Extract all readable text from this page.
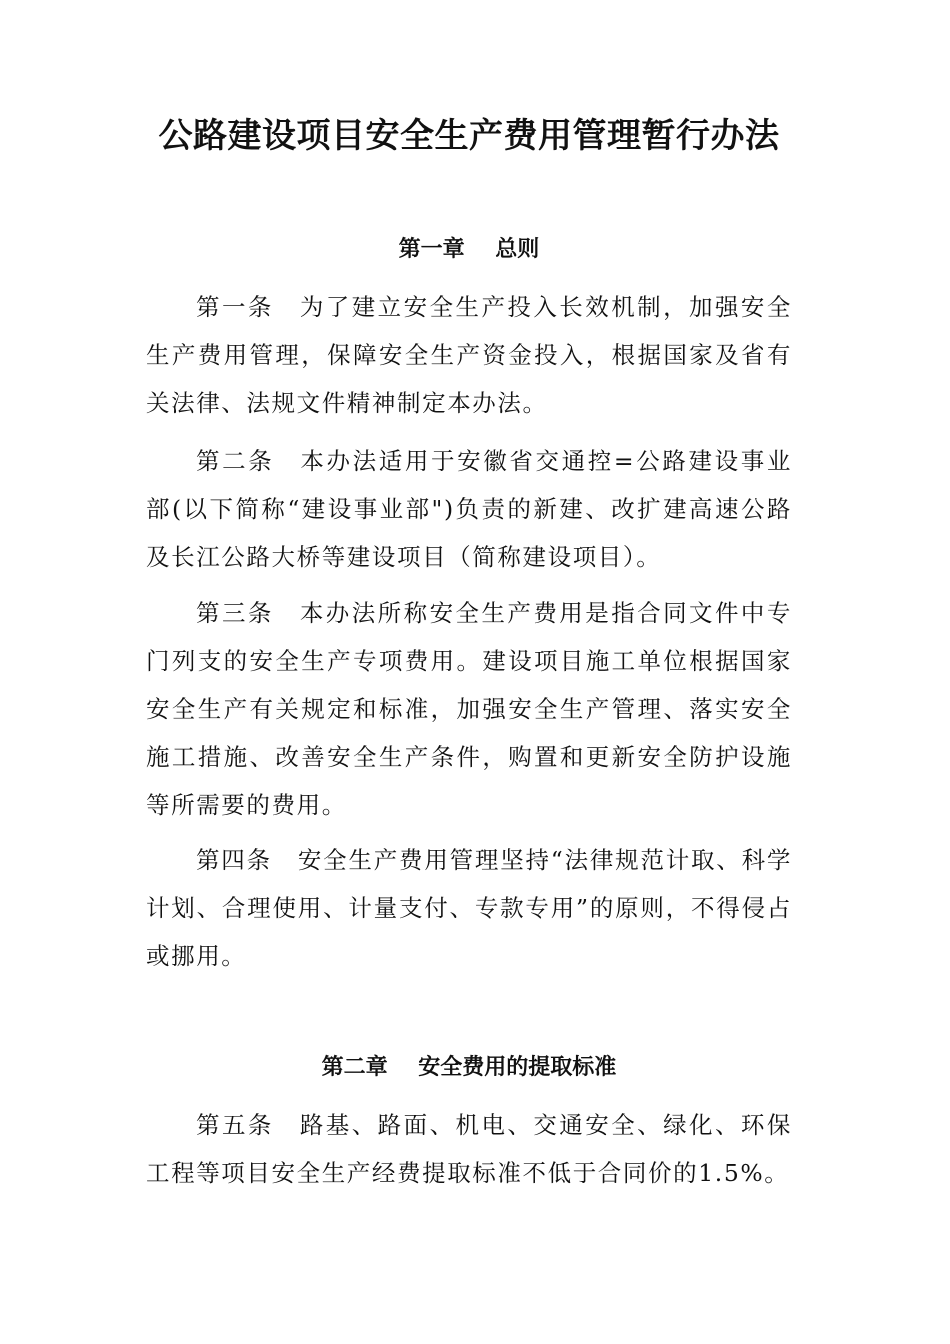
公路建设项目安全生产费用管理暂行办法
第一章    总则

第一条 为了建立安全生产投入长效机制，加强安全生产费用管理，保障安全生产资金投入，根据国家及省有关法律、法规文件精神制定本办法。

第二条 本办法适用于安徽省交通控=公路建设事业部(以下简称“建设事业部")负责的新建、改扩建高速公路及长江公路大桥等建设项目（简称建设项目）。

第三条 本办法所称安全生产费用是指合同文件中专门列支的安全生产专项费用。建设项目施工单位根据国家安全生产有关规定和标准，加强安全生产管理、落实安全施工措施、改善安全生产条件，购置和更新安全防护设施等所需要的费用。

第四条 安全生产费用管理坚持“法律规范计取、科学计划、合理使用、计量支付、专款专用”的原则，不得侵占或挪用。

第二章    安全费用的提取标准

第五条 路基、路面、机电、交通安全、绿化、环保工程等项目安全生产经费提取标准不低于合同价的1.5%。
